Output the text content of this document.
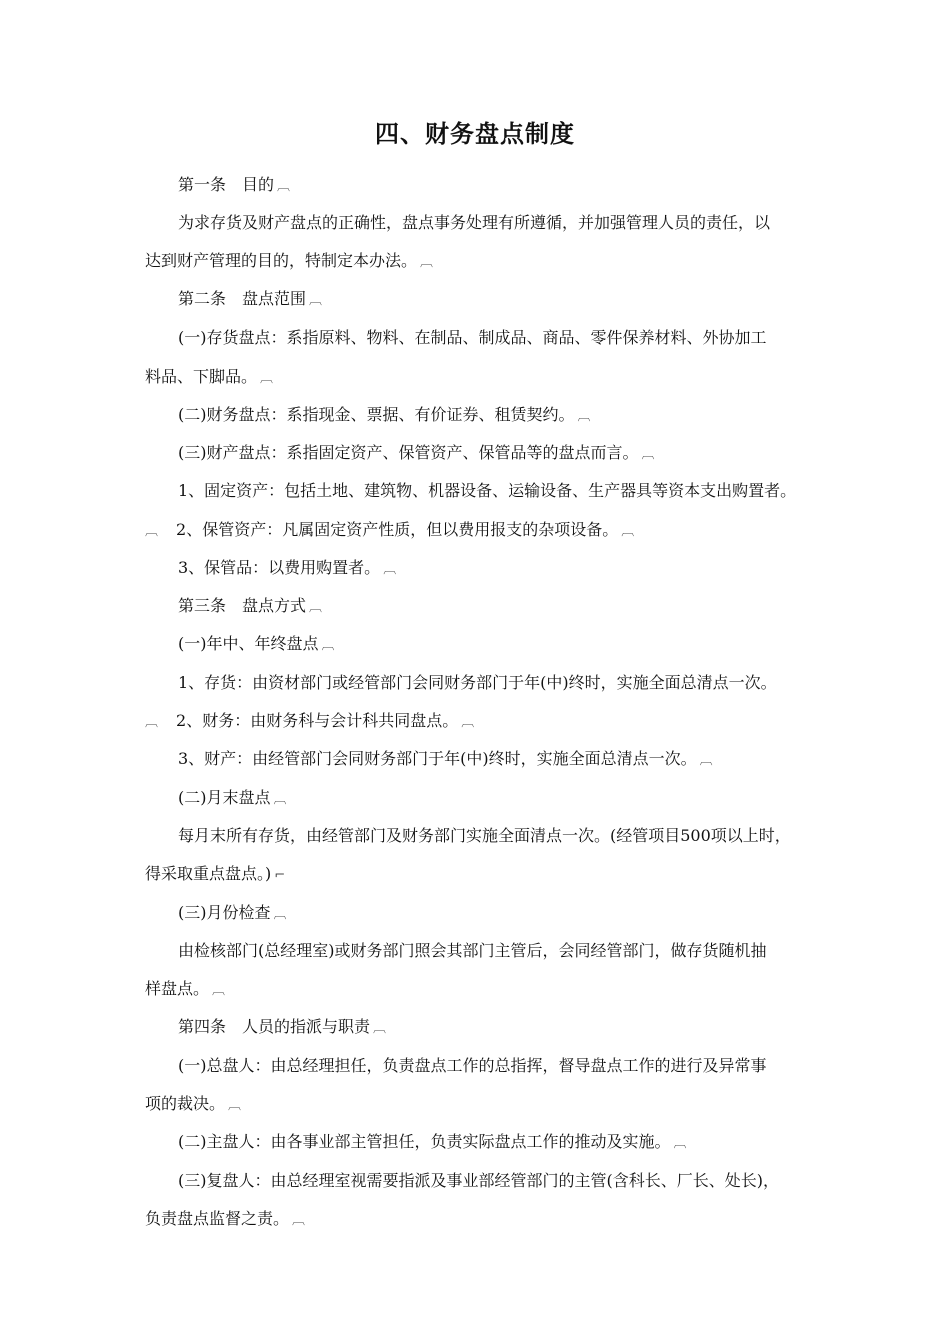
四、财务盘点制度
第一条　目的 ︹
为求存货及财产盘点的正确性，盘点事务处理有所遵循，并加强管理人员的责任，以
达到财产管理的目的，特制定本办法。 ︹
第二条　盘点范围 ︹
(一)存货盘点：系指原料、物料、在制品、制成品、商品、零件保养材料、外协加工
料品、下脚品。 ︹
(二)财务盘点：系指现金、票据、有价证券、租赁契约。 ︹
(三)财产盘点：系指固定资产、保管资产、保管品等的盘点而言。 ︹
1、固定资产：包括土地、建筑物、机器设备、运输设备、生产器具等资本支出购置者。
︹ 2、保管资产：凡属固定资产性质，但以费用报支的杂项设备。 ︹
3、保管品：以费用购置者。 ︹
第三条　盘点方式 ︹
(一)年中、年终盘点 ︹
1、存货：由资材部门或经管部门会同财务部门于年(中)终时，实施全面总清点一次。
︹ 2、财务：由财务科与会计科共同盘点。 ︹
3、财产：由经管部门会同财务部门于年(中)终时，实施全面总清点一次。 ︹
(二)月末盘点 ︹
每月末所有存货，由经管部门及财务部门实施全面清点一次。(经管项目500项以上时，
得采取重点盘点。) ⌐
(三)月份检查 ︹
由检核部门(总经理室)或财务部门照会其部门主管后，会同经管部门，做存货随机抽
样盘点。 ︹
第四条　人员的指派与职责 ︹
(一)总盘人：由总经理担任，负责盘点工作的总指挥，督导盘点工作的进行及异常事
项的裁决。 ︹
(二)主盘人：由各事业部主管担任，负责实际盘点工作的推动及实施。 ︹
(三)复盘人：由总经理室视需要指派及事业部经管部门的主管(含科长、厂长、处长)，
负责盘点监督之责。 ︹
